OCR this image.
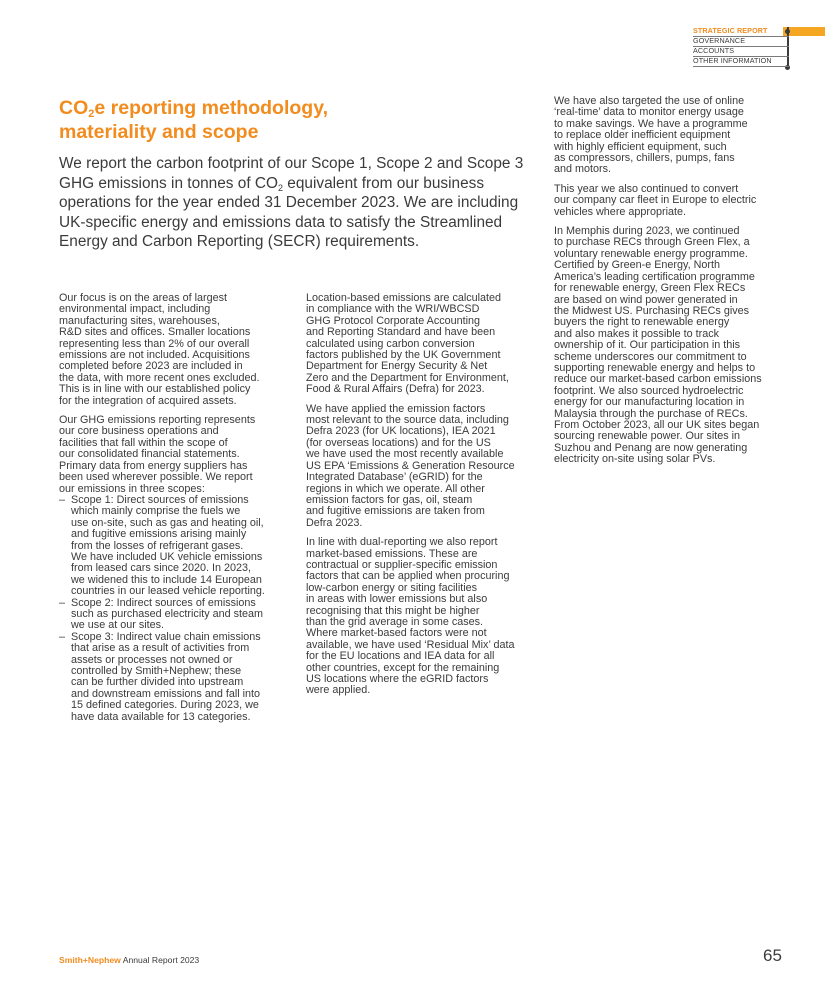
STRATEGIC REPORT
GOVERNANCE
ACCOUNTS
OTHER INFORMATION
$CO_2e$ reporting methodology,
materiality and scope

We report the carbon footprint of our Scope 1, Scope 2 and Scope 3 GHG emissions in tonnes of $CO_2$ equivalent from our business operations for the year ended 31 December 2023. We are including UK-specific energy and emissions data to satisfy the Streamlined Energy and Carbon Reporting (SECR) requirements.

Our focus is on the areas of largest
environmental impact, including
manufacturing sites, warehouses,
R&D sites and offices. Smaller locations
representing less than 2% of our overall
emissions are not included. Acquisitions
completed before 2023 are included in
the data, with more recent ones excluded.
This is in line with our established policy
for the integration of acquired assets.

Our GHG emissions reporting represents
our core business operations and
facilities that fall within the scope of
our consolidated financial statements.
Primary data from energy suppliers has
been used wherever possible. We report
our emissions in three scopes:

– Scope 1: Direct sources of emissions
which mainly comprise the fuels we
use on-site, such as gas and heating oil,
and fugitive emissions arising mainly
from the losses of refrigerant gases.
We have included UK vehicle emissions
from leased cars since 2020. In 2023,
we widened this to include 14 European
countries in our leased vehicle reporting.
– Scope 2: Indirect sources of emissions
such as purchased electricity and steam
we use at our sites.
– Scope 3: Indirect value chain emissions
that arise as a result of activities from
assets or processes not owned or
controlled by Smith+Nephew; these
can be further divided into upstream
and downstream emissions and fall into
15 defined categories. During 2023, we
have data available for 13 categories.

Location-based emissions are calculated
in compliance with the WRI/WBCSD
GHG Protocol Corporate Accounting
and Reporting Standard and have been
calculated using carbon conversion
factors published by the UK Government
Department for Energy Security & Net
Zero and the Department for Environment,
Food & Rural Affairs (Defra) for 2023.

We have applied the emission factors
most relevant to the source data, including
Defra 2023 (for UK locations), IEA 2021
(for overseas locations) and for the US
we have used the most recently available
US EPA ‘Emissions & Generation Resource
Integrated Database’ (eGRID) for the
regions in which we operate. All other
emission factors for gas, oil, steam
and fugitive emissions are taken from
Defra 2023.

In line with dual-reporting we also report
market-based emissions. These are
contractual or supplier-specific emission
factors that can be applied when procuring
low-carbon energy or siting facilities
in areas with lower emissions but also
recognising that this might be higher
than the grid average in some cases.
Where market-based factors were not
available, we have used ‘Residual Mix’ data
for the EU locations and IEA data for all
other countries, except for the remaining
US locations where the eGRID factors
were applied.

We have also targeted the use of online
‘real-time’ data to monitor energy usage
to make savings. We have a programme
to replace older inefficient equipment
with highly efficient equipment, such
as compressors, chillers, pumps, fans
and motors.

This year we also continued to convert
our company car fleet in Europe to electric
vehicles where appropriate.

In Memphis during 2023, we continued
to purchase RECs through Green Flex, a
voluntary renewable energy programme.
Certified by Green-e Energy, North
America’s leading certification programme
for renewable energy, Green Flex RECs
are based on wind power generated in
the Midwest US. Purchasing RECs gives
buyers the right to renewable energy
and also makes it possible to track
ownership of it. Our participation in this
scheme underscores our commitment to
supporting renewable energy and helps to
reduce our market-based carbon emissions
footprint. We also sourced hydroelectric
energy for our manufacturing location in
Malaysia through the purchase of RECs.
From October 2023, all our UK sites began
sourcing renewable power. Our sites in
Suzhou and Penang are now generating
electricity on-site using solar PVs.

Smith+Nephew Annual Report 2023	65
